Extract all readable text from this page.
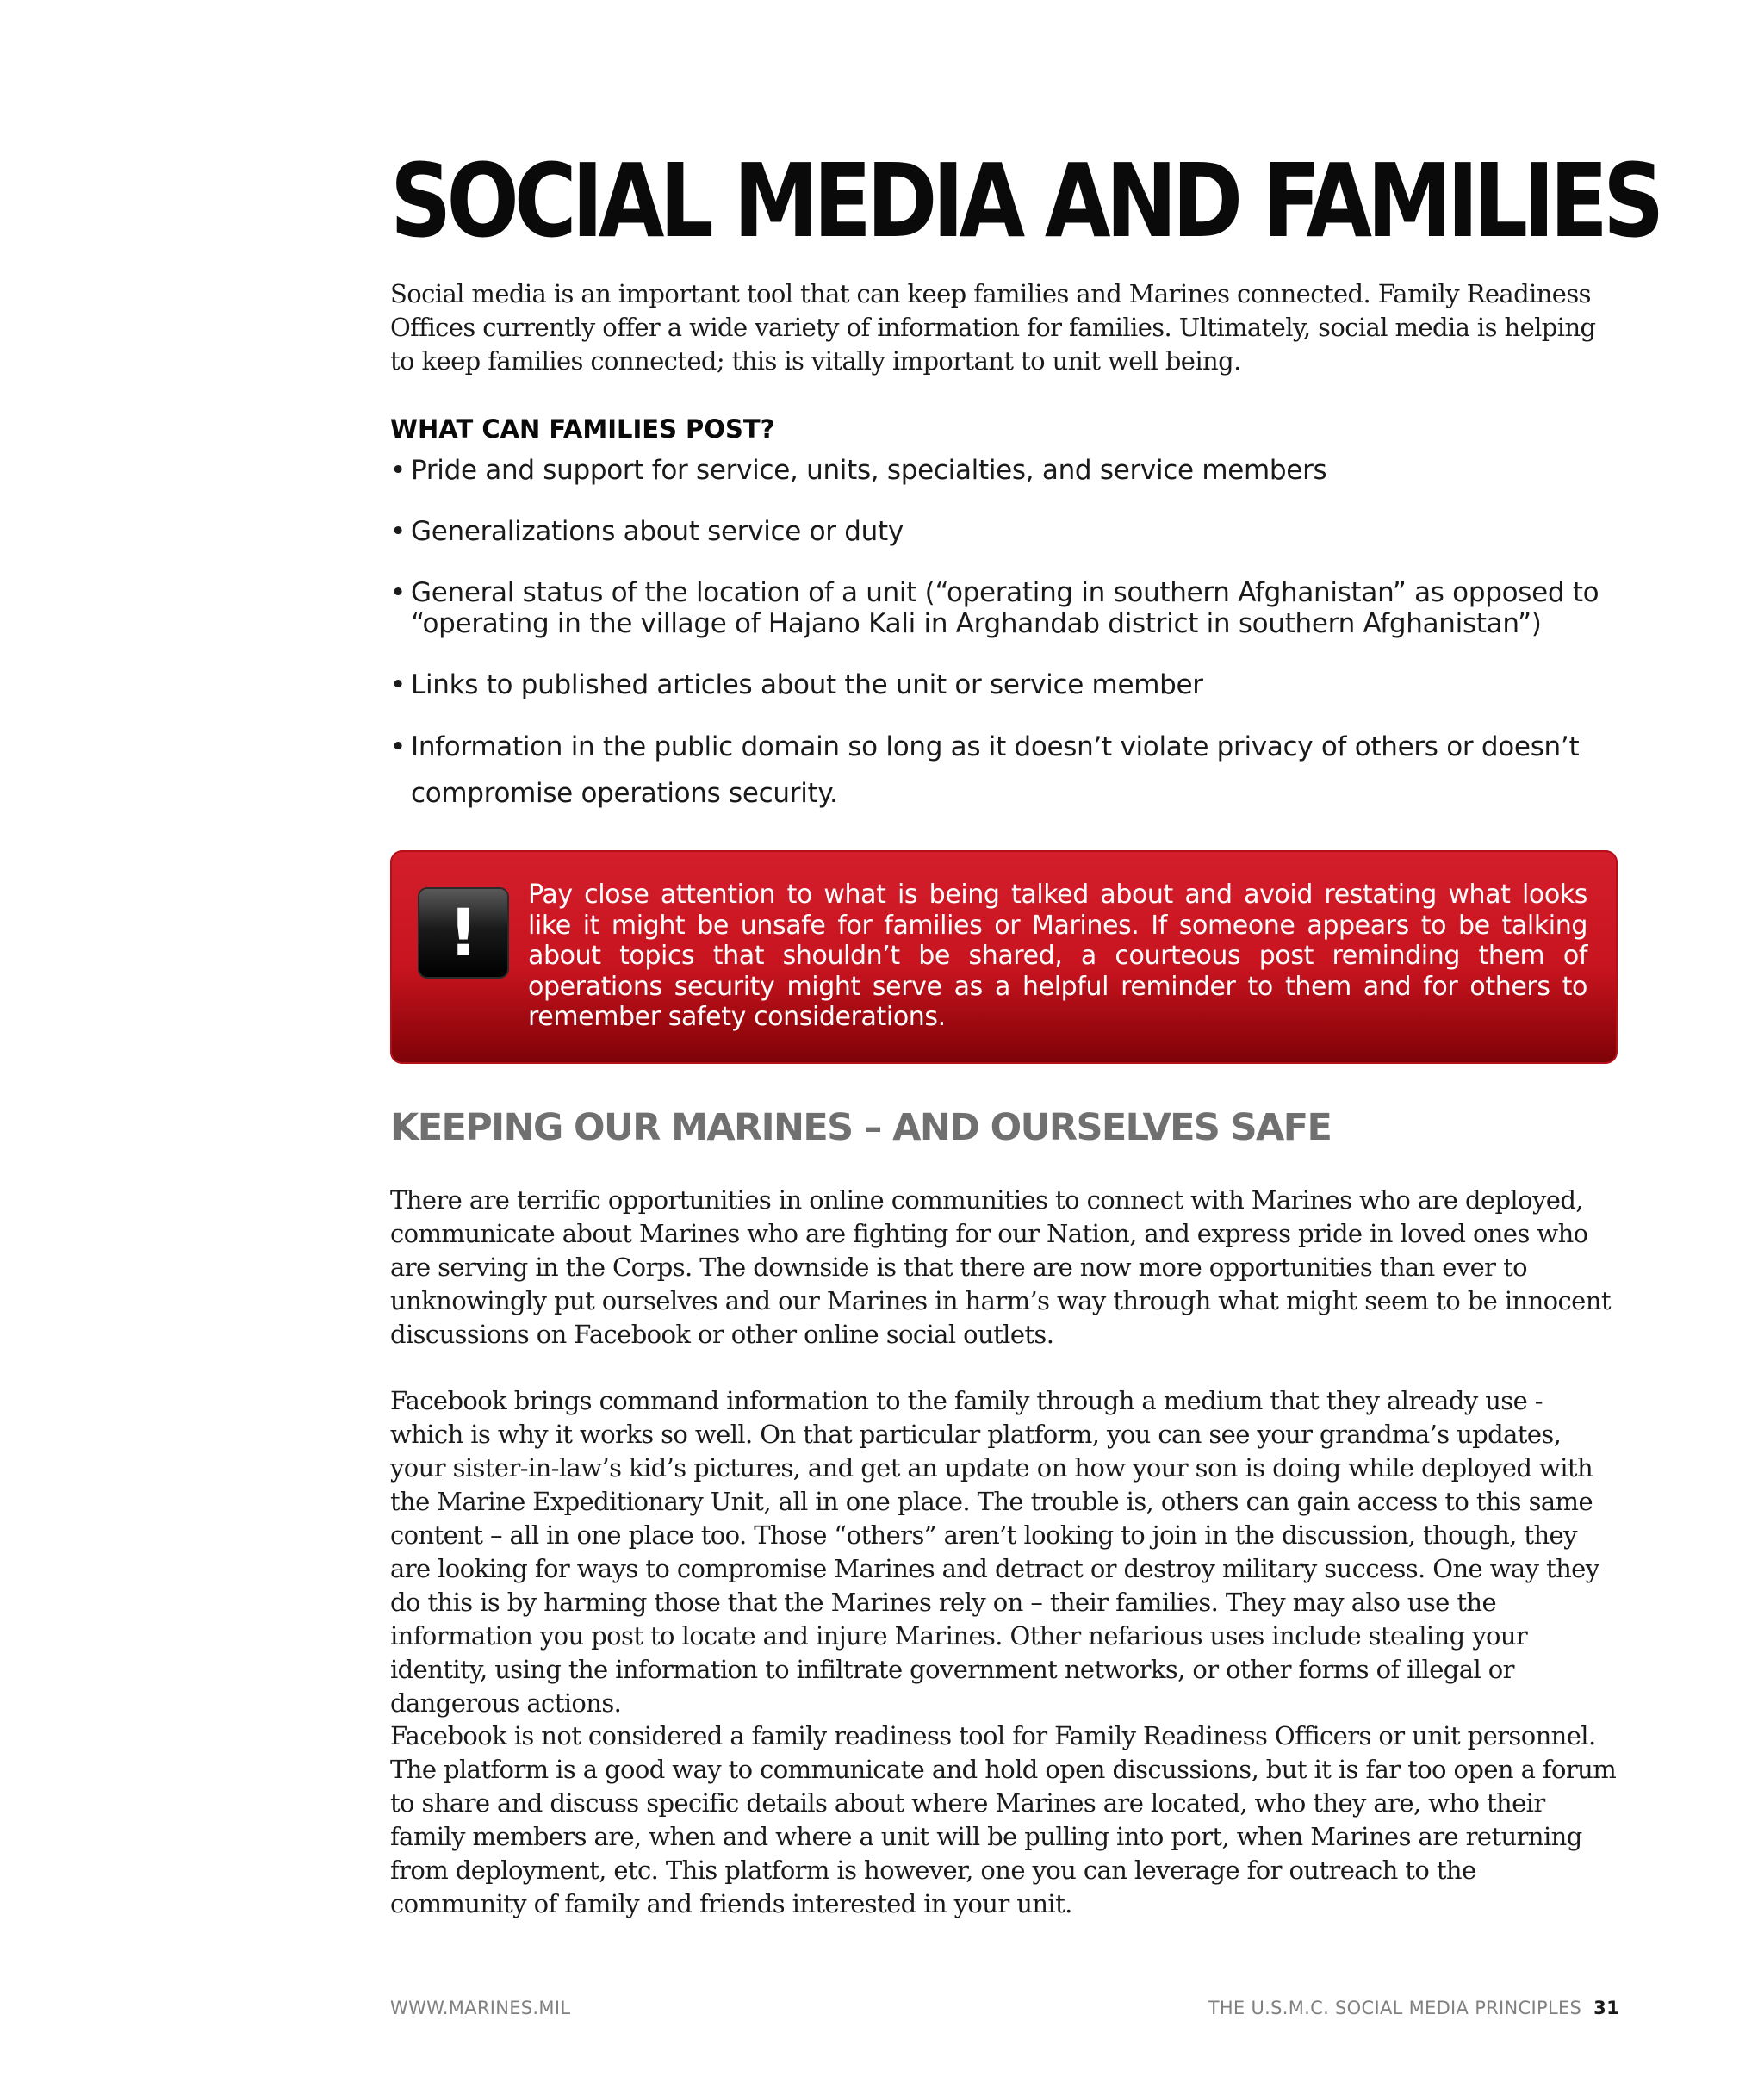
SOCIAL MEDIA AND FAMILIES

Social media is an important tool that can keep families and Marines connected. Family Readiness Offices currently offer a wide variety of information for families. Ultimately, social media is helping to keep families connected; this is vitally important to unit well being.

WHAT CAN FAMILIES POST?
• Pride and support for service, units, specialties, and service members
• Generalizations about service or duty
• General status of the location of a unit (“operating in southern Afghanistan” as opposed to “operating in the village of Hajano Kali in Arghandab district in southern Afghanistan”)
• Links to published articles about the unit or service member
• Information in the public domain so long as it doesn’t violate privacy of others or doesn’t compromise operations security.
!	Pay close attention to what is being talked about and avoid restating what looks like it might be unsafe for families or Marines. If someone appears to be talking about topics that shouldn’t be shared, a courteous post reminding them of operations security might serve as a helpful reminder to them and for others to remember safety considerations.

KEEPING OUR MARINES – AND OURSELVES SAFE

There are terrific opportunities in online communities to connect with Marines who are deployed, communicate about Marines who are fighting for our Nation, and express pride in loved ones who are serving in the Corps. The downside is that there are now more opportunities than ever to unknowingly put ourselves and our Marines in harm’s way through what might seem to be innocent discussions on Facebook or other online social outlets.

Facebook brings command information to the family through a medium that they already use - which is why it works so well. On that particular platform, you can see your grandma’s updates, your sister-in-law’s kid’s pictures, and get an update on how your son is doing while deployed with the Marine Expeditionary Unit, all in one place. The trouble is, others can gain access to this same content – all in one place too. Those “others” aren’t looking to join in the discussion, though, they are looking for ways to compromise Marines and detract or destroy military success. One way they do this is by harming those that the Marines rely on – their families. They may also use the information you post to locate and injure Marines. Other nefarious uses include stealing your identity, using the information to infiltrate government networks, or other forms of illegal or dangerous actions.

Facebook is not considered a family readiness tool for Family Readiness Officers or unit personnel. The platform is a good way to communicate and hold open discussions, but it is far too open a forum to share and discuss specific details about where Marines are located, who they are, who their family members are, when and where a unit will be pulling into port, when Marines are returning from deployment, etc. This platform is however, one you can leverage for outreach to the community of family and friends interested in your unit.

WWW.MARINES.MIL	THE U.S.M.C. SOCIAL MEDIA PRINCIPLES 31
